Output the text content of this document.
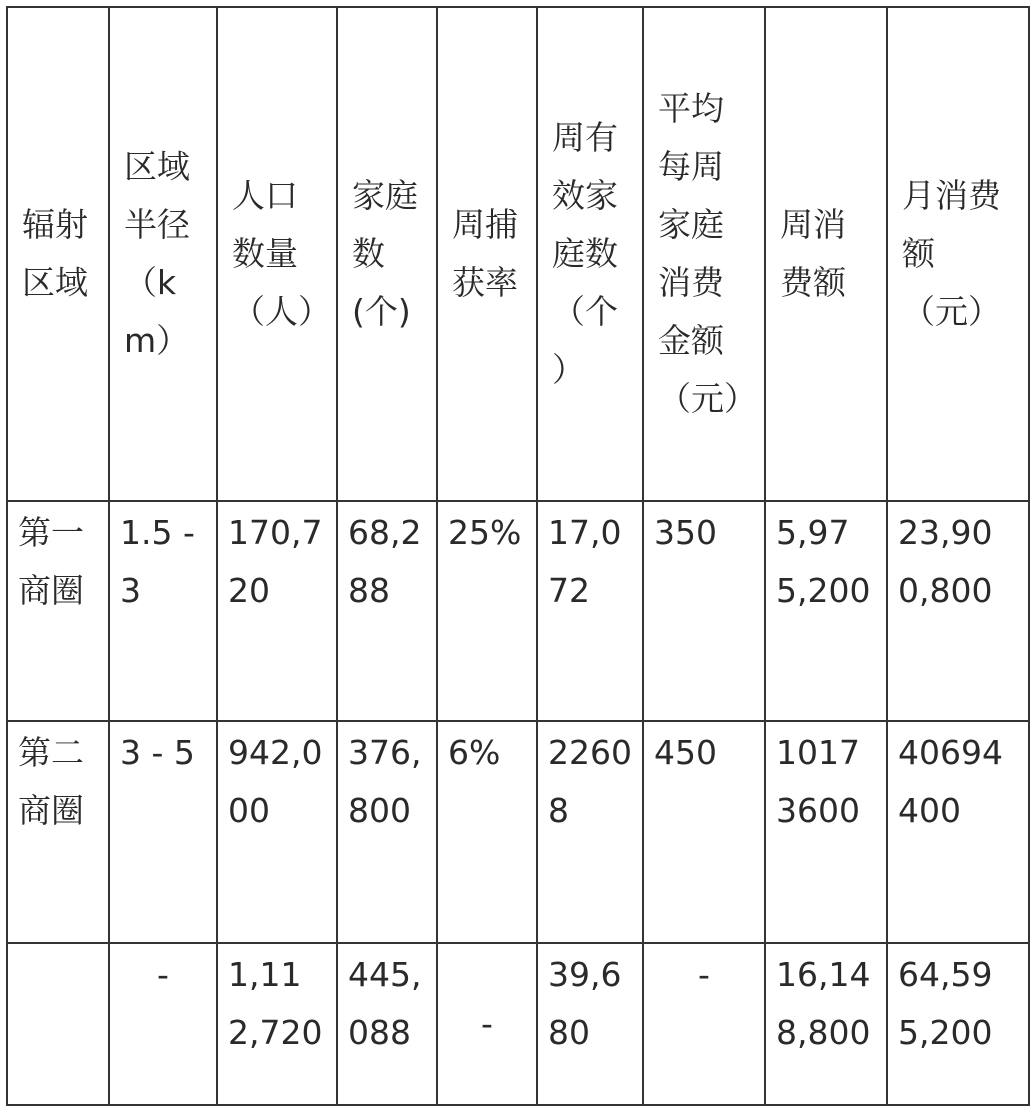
辐射区域	区域半径（km）	人口数量（人）	家庭数(个)	周捕获率	周有效家庭数（个）	平均每周家庭消费金额（元）	周消费额	月消费额（元）

第一商圈	1.5 - 3	170,720	68,288	25%	17,072	350	5,975,200	23,900,800

第二商圈	3 - 5	942,000	376,800	6%	22608	450	10173600	40694400

	-	1,112,720	445,088	-	39,680	-	16,148,800	64,595,200
